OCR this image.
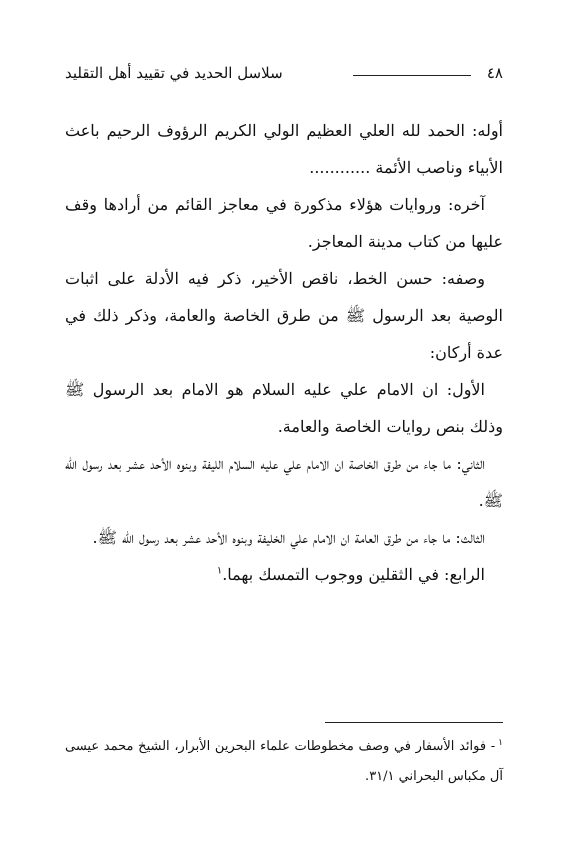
٤٨
سلاسل الحديد في تقييد أهل التقليد

أوله: الحمد لله العلي العظيم الولي الكريم الرؤوف الرحيم باعث الأبياء وناصب الأئمة ............

آخره: وروايات هؤلاء مذكورة في معاجز القائم من أرادها وقف عليها من كتاب مدينة المعاجز.

وصفه: حسن الخط، ناقص الأخير، ذكر فيه الأدلة على اثبات الوصية بعد الرسول ﷺ من طرق الخاصة والعامة، وذكر ذلك في عدة أركان:

الأول: ان الامام علي عليه السلام هو الامام بعد الرسول ﷺ وذلك بنص روايات الخاصة والعامة.

الثاني: ما جاء من طرق الخاصة ان الامام علي عليه السلام الليفة وبنوه الأحد عشر بعد رسول الله ﷺ.

الثالث: ما جاء من طرق العامة ان الامام علي الخليفة وبنوه الأحد عشر بعد رسول الله ﷺ.

الرابع: في الثقلين ووجوب التمسك بهما.$^١$

$^١$- فوائد الأسفار في وصف مخطوطات علماء البحرين الأبرار، الشيخ محمد عيسى آل مكباس البحراني ٣١/١.
